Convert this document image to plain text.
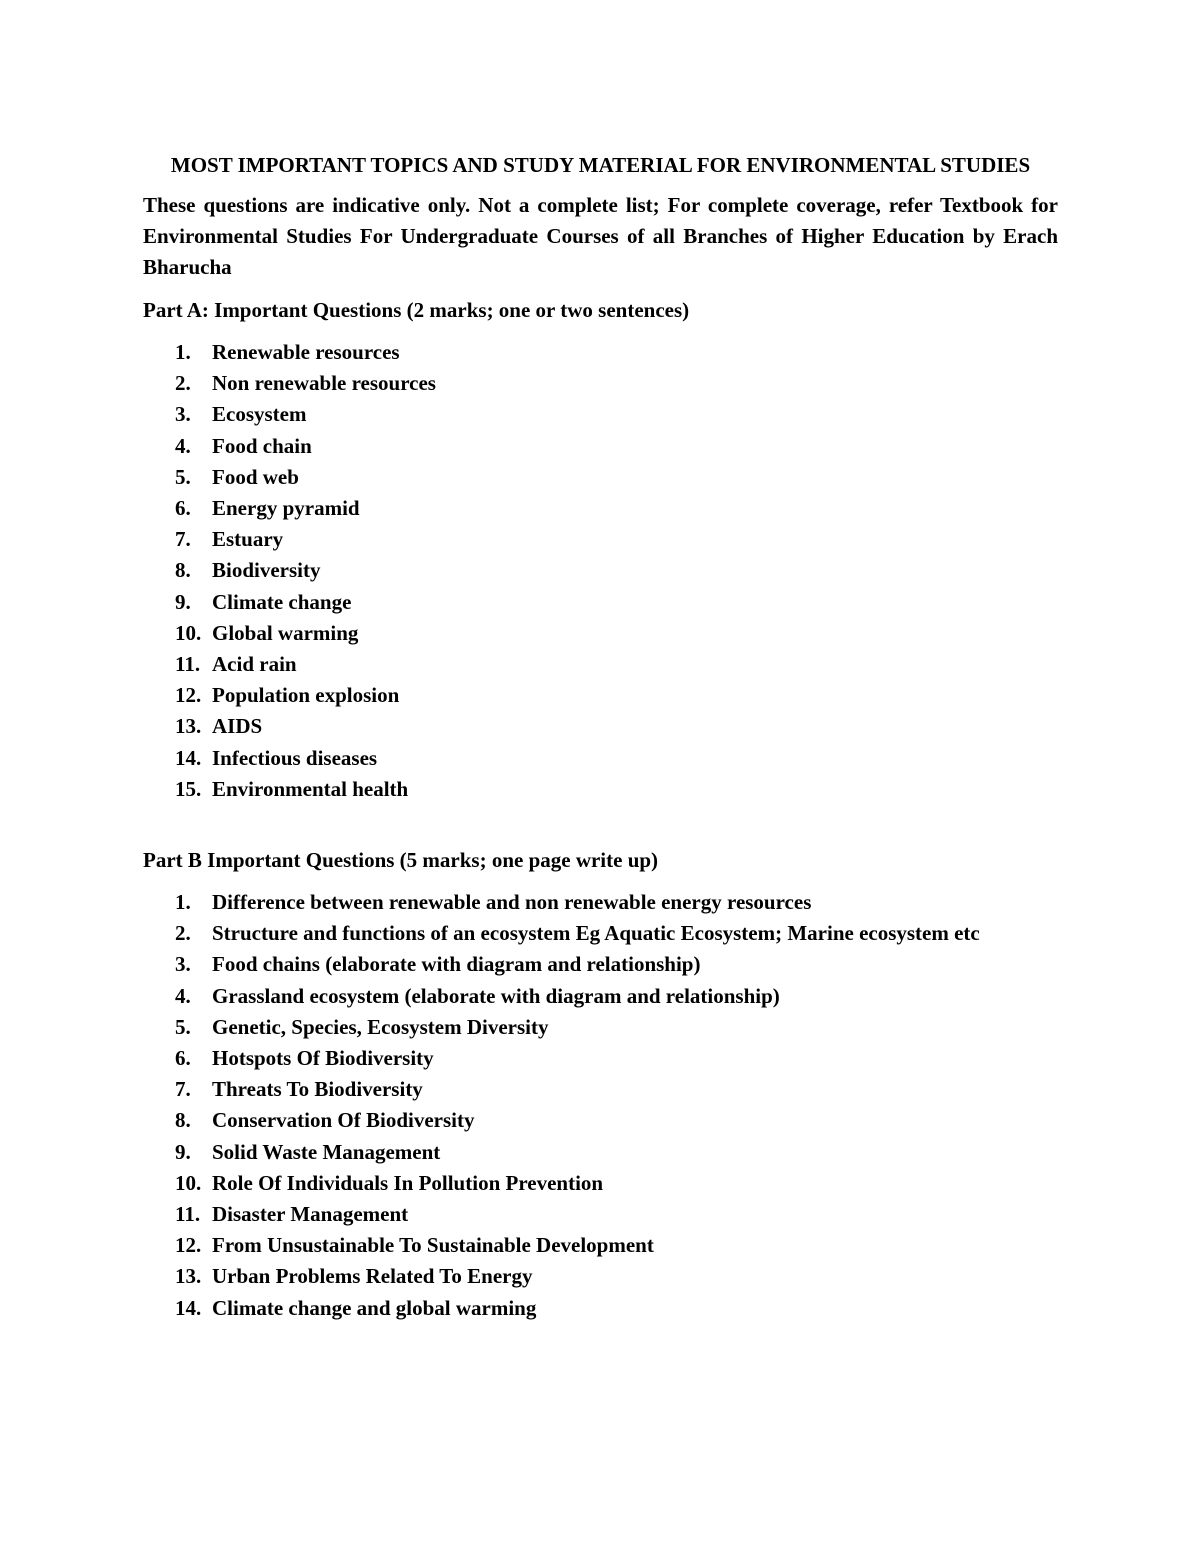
MOST IMPORTANT TOPICS AND STUDY MATERIAL FOR ENVIRONMENTAL STUDIES

These questions are indicative only. Not a complete list; For complete coverage, refer Textbook for Environmental Studies For Undergraduate Courses of all Branches of Higher Education by Erach Bharucha

Part A: Important Questions (2 marks; one or two sentences)

1. Renewable resources
2. Non renewable resources
3. Ecosystem
4. Food chain
5. Food web
6. Energy pyramid
7. Estuary
8. Biodiversity
9. Climate change
10. Global warming
11. Acid rain
12. Population explosion
13. AIDS
14. Infectious diseases
15. Environmental health

Part B Important Questions (5 marks; one page write up)

1. Difference between renewable and non renewable energy resources
2. Structure and functions of an ecosystem Eg Aquatic Ecosystem; Marine ecosystem etc
3. Food chains (elaborate with diagram and relationship)
4. Grassland ecosystem (elaborate with diagram and relationship)
5. Genetic, Species, Ecosystem Diversity
6. Hotspots Of Biodiversity
7. Threats To Biodiversity
8. Conservation Of Biodiversity
9. Solid Waste Management
10. Role Of Individuals In Pollution Prevention
11. Disaster Management
12. From Unsustainable To Sustainable Development
13. Urban Problems Related To Energy
14. Climate change and global warming
